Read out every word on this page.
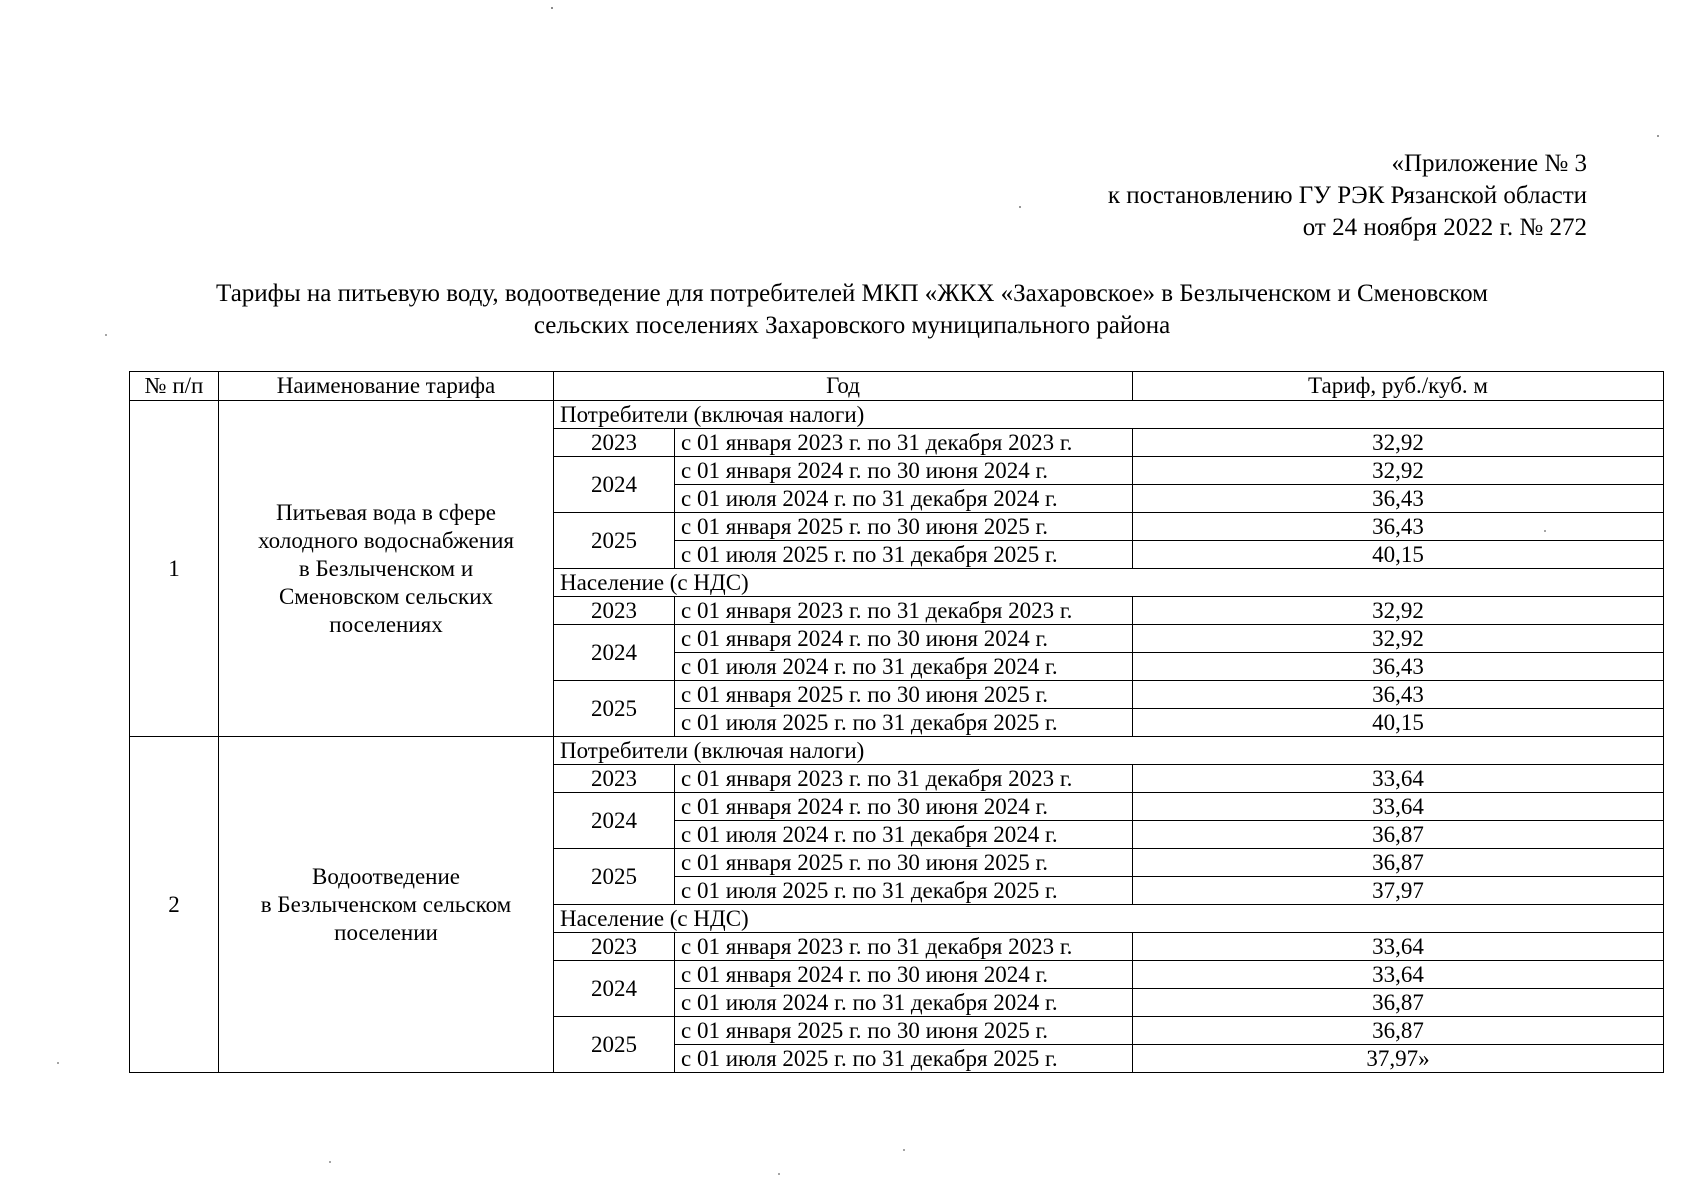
«Приложение № 3
к постановлению ГУ РЭК Рязанской области
от 24 ноября 2022 г. № 272
Тарифы на питьевую воду, водоотведение для потребителей МКП «ЖКХ «Захаровское» в Безлыченском и Сменовском
сельских поселениях Захаровского муниципального района
№ п/п	Наименование тарифа	Год		Тариф, руб./куб. м
1	Питьевая вода в сфере
холодного водоснабжения
в Безлыченском и
Сменовском сельских
поселениях	Потребители (включая налоги)		
		2023	с 01 января 2023 г. по 31 декабря 2023 г.	32,92
		2024	с 01 января 2024 г. по 30 июня 2024 г.	32,92
			с 01 июля 2024 г. по 31 декабря 2024 г.	36,43
		2025	с 01 января 2025 г. по 30 июня 2025 г.	36,43
			с 01 июля 2025 г. по 31 декабря 2025 г.	40,15
		Население (с НДС)		
		2023	с 01 января 2023 г. по 31 декабря 2023 г.	32,92
		2024	с 01 января 2024 г. по 30 июня 2024 г.	32,92
			с 01 июля 2024 г. по 31 декабря 2024 г.	36,43
		2025	с 01 января 2025 г. по 30 июня 2025 г.	36,43
			с 01 июля 2025 г. по 31 декабря 2025 г.	40,15
2	Водоотведение
в Безлыченском сельском
поселении	Потребители (включая налоги)		
		2023	с 01 января 2023 г. по 31 декабря 2023 г.	33,64
		2024	с 01 января 2024 г. по 30 июня 2024 г.	33,64
			с 01 июля 2024 г. по 31 декабря 2024 г.	36,87
		2025	с 01 января 2025 г. по 30 июня 2025 г.	36,87
			с 01 июля 2025 г. по 31 декабря 2025 г.	37,97
		Население (с НДС)		
		2023	с 01 января 2023 г. по 31 декабря 2023 г.	33,64
		2024	с 01 января 2024 г. по 30 июня 2024 г.	33,64
			с 01 июля 2024 г. по 31 декабря 2024 г.	36,87
		2025	с 01 января 2025 г. по 30 июня 2025 г.	36,87
			с 01 июля 2025 г. по 31 декабря 2025 г.	37,97»
